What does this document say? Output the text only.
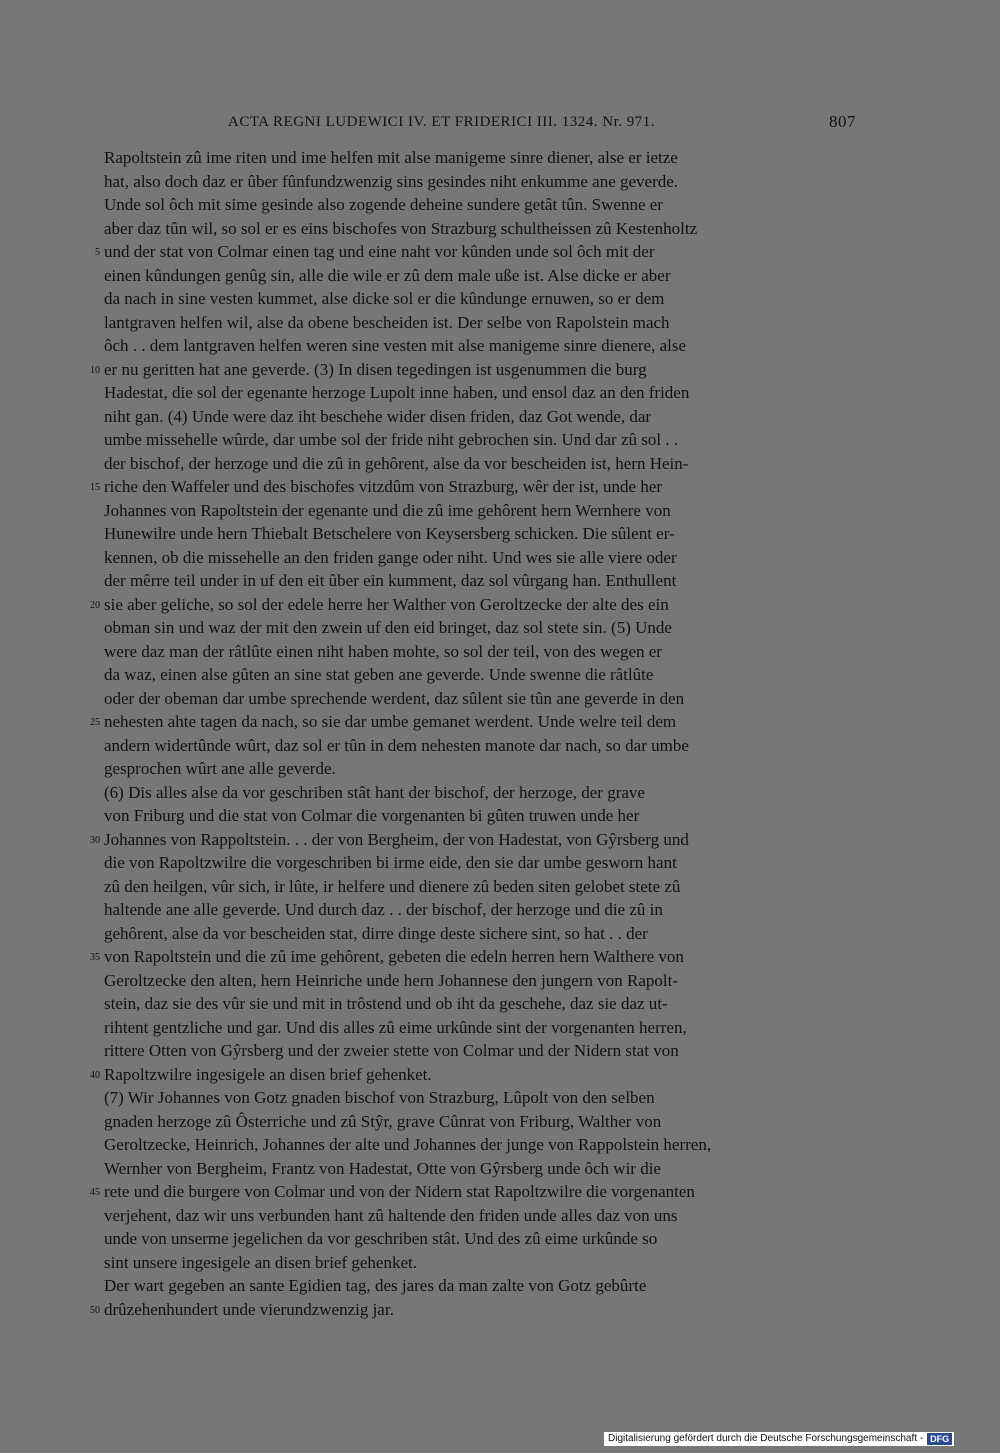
ACTA REGNI LUDEWICI IV. ET FRIDERICI III. 1324. Nr. 971.	807
Rapoltstein zû ime riten und ime helfen mit alse manigeme sinre diener, alse er ietze
hat, also doch daz er ûber fûnfundzwenzig sins gesindes niht enkumme ane geverde.
Unde sol ôch mit sime gesinde also zogende deheine sundere getât tûn. Swenne er
aber daz tûn wil, so sol er es eins bischofes von Strazburg schultheissen zû Kestenholtz
5 und der stat von Colmar einen tag und eine naht vor kûnden unde sol ôch mit der
einen kûndungen genûg sin, alle die wile er zû dem male uße ist. Alse dicke er aber
da nach in sine vesten kummet, alse dicke sol er die kûndunge ernuwen, so er dem
lantgraven helfen wil, alse da obene bescheiden ist. Der selbe von Rapolstein mach
ôch . . dem lantgraven helfen weren sine vesten mit alse manigeme sinre dienere, alse
10 er nu geritten hat ane geverde. (3) In disen tegedingen ist usgenummen die burg
Hadestat, die sol der egenante herzoge Lupolt inne haben, und ensol daz an den friden
niht gan. (4) Unde were daz iht beschehe wider disen friden, daz Got wende, dar
umbe missehelle wûrde, dar umbe sol der fride niht gebrochen sin. Und dar zû sol . .
der bischof, der herzoge und die zû in gehôrent, alse da vor bescheiden ist, hern Hein-
15 riche den Waffeler und des bischofes vitzdûm von Strazburg, wêr der ist, unde her
Johannes von Rapoltstein der egenante und die zû ime gehôrent hern Wernhere von
Hunewilre unde hern Thiebalt Betschelere von Keysersberg schicken. Die sûlent er-
kennen, ob die missehelle an den friden gange oder niht. Und wes sie alle viere oder
der mêrre teil under in uf den eit ûber ein kumment, daz sol vûrgang han. Enthullent
20 sie aber geliche, so sol der edele herre her Walther von Geroltzecke der alte des ein
obman sin und waz der mit den zwein uf den eid bringet, daz sol stete sin. (5) Unde
were daz man der râtlûte einen niht haben mohte, so sol der teil, von des wegen er
da waz, einen alse gûten an sine stat geben ane geverde. Unde swenne die râtlûte
oder der obeman dar umbe sprechende werdent, daz sûlent sie tûn ane geverde in den
25 nehesten ahte tagen da nach, so sie dar umbe gemanet werdent. Unde welre teil dem
andern widertûnde wûrt, daz sol er tûn in dem nehesten manote dar nach, so dar umbe
gesprochen wûrt ane alle geverde.
(6) Dis alles alse da vor geschriben stât hant der bischof, der herzoge, der grave
von Friburg und die stat von Colmar die vorgenanten bi gûten truwen unde her
30 Johannes von Rappoltstein. . . der von Bergheim, der von Hadestat, von Gŷrsberg und
die von Rapoltzwilre die vorgeschriben bi irme eide, den sie dar umbe gesworn hant
zû den heilgen, vûr sich, ir lûte, ir helfere und dienere zû beden siten gelobet stete zû
haltende ane alle geverde. Und durch daz . . der bischof, der herzoge und die zû in
gehôrent, alse da vor bescheiden stat, dirre dinge deste sichere sint, so hat . . der
35 von Rapoltstein und die zû ime gehôrent, gebeten die edeln herren hern Walthere von
Geroltzecke den alten, hern Heinriche unde hern Johannese den jungern von Rapolt-
stein, daz sie des vûr sie und mit in trôstend und ob iht da geschehe, daz sie daz ut-
rihtent gentzliche und gar. Und dis alles zû eime urkûnde sint der vorgenanten herren,
rittere Otten von Gŷrsberg und der zweier stette von Colmar und der Nidern stat von
40 Rapoltzwilre ingesigele an disen brief gehenket.
(7) Wir Johannes von Gotz gnaden bischof von Strazburg, Lûpolt von den selben
gnaden herzoge zû Ôsterriche und zû Stŷr, grave Cûnrat von Friburg, Walther von
Geroltzecke, Heinrich, Johannes der alte und Johannes der junge von Rappolstein herren,
Wernher von Bergheim, Frantz von Hadestat, Otte von Gŷrsberg unde ôch wir die
45 rete und die burgere von Colmar und von der Nidern stat Rapoltzwilre die vorgenanten
verjehent, daz wir uns verbunden hant zû haltende den friden unde alles daz von uns
unde von unserme jegelichen da vor geschriben stât. Und des zû eime urkûnde so
sint unsere ingesigele an disen brief gehenket.
Der wart gegeben an sante Egidien tag, des jares da man zalte von Gotz gebûrte
50 drûzehenhundert unde vierundzwenzig jar.
Digitalisierung gefördert durch die Deutsche Forschungsgemeinschaft - DFG
